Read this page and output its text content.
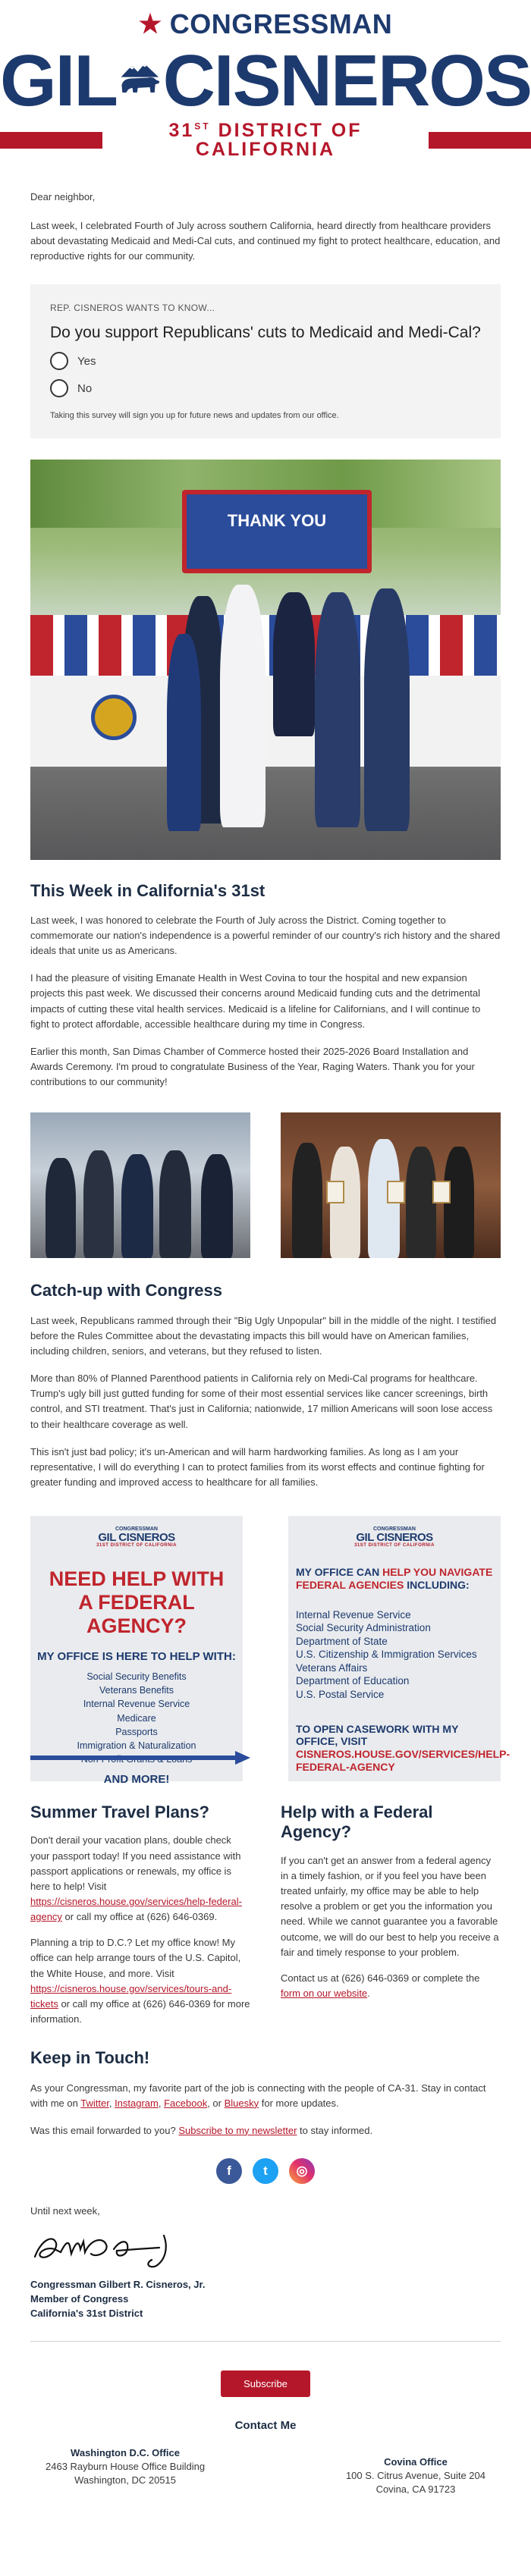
★ CONGRESSMAN
GIL CISNEROS
31ST DISTRICT OF CALIFORNIA

Dear neighbor,

Last week, I celebrated Fourth of July across southern California, heard directly from healthcare providers about devastating Medicaid and Medi-Cal cuts, and continued my fight to protect healthcare, education, and reproductive rights for our community.

REP. CISNEROS WANTS TO KNOW...
Do you support Republicans' cuts to Medicaid and Medi-Cal?
Yes
No
Taking this survey will sign you up for future news and updates from our office.
THANK YOU
This Week in California's 31st

Last week, I was honored to celebrate the Fourth of July across the District. Coming together to commemorate our nation's independence is a powerful reminder of our country's rich history and the shared ideals that unite us as Americans.

I had the pleasure of visiting Emanate Health in West Covina to tour the hospital and new expansion projects this past week. We discussed their concerns around Medicaid funding cuts and the detrimental impacts of cutting these vital health services. Medicaid is a lifeline for Californians, and I will continue to fight to protect affordable, accessible healthcare during my time in Congress.

Earlier this month, San Dimas Chamber of Commerce hosted their 2025-2026 Board Installation and Awards Ceremony. I'm proud to congratulate Business of the Year, Raging Waters. Thank you for your contributions to our community!

Catch-up with Congress

Last week, Republicans rammed through their "Big Ugly Unpopular" bill in the middle of the night. I testified before the Rules Committee about the devastating impacts this bill would have on American families, including children, seniors, and veterans, but they refused to listen.

More than 80% of Planned Parenthood patients in California rely on Medi-Cal programs for healthcare. Trump's ugly bill just gutted funding for some of their most essential services like cancer screenings, birth control, and STI treatment. That's just in California; nationwide, 17 million Americans will soon lose access to their healthcare coverage as well.

This isn't just bad policy; it's un-American and will harm hardworking families. As long as I am your representative, I will do everything I can to protect families from its worst effects and continue fighting for greater funding and improved access to healthcare for all families.

CONGRESSMAN
GIL CISNEROS
31ST DISTRICT OF CALIFORNIA
NEED HELP WITH
A FEDERAL AGENCY?
MY OFFICE IS HERE TO HELP WITH:
Social Security Benefits
Veterans Benefits
Internal Revenue Service
Medicare
Passports
Immigration & Naturalization
AND MORE!
CONGRESSMAN
GIL CISNEROS
31ST DISTRICT OF CALIFORNIA
MY OFFICE CAN HELP YOU NAVIGATE
FEDERAL AGENCIES INCLUDING:
Internal Revenue Service
Social Security Administration
Department of State
U.S. Citizenship & Immigration Services
Veterans Affairs
Department of Education
U.S. Postal Service
TO OPEN CASEWORK WITH MY OFFICE, VISIT
CISNEROS.HOUSE.GOV/SERVICES/HELP-FEDERAL-AGENCY
Summer Travel Plans?

Don't derail your vacation plans, double check your passport today! If you need assistance with passport applications or renewals, my office is here to help! Visit https://cisneros.house.gov/services/help-federal-agency or call my office at (626) 646-0369.

Planning a trip to D.C.? Let my office know! My office can help arrange tours of the U.S. Capitol, the White House, and more. Visit https://cisneros.house.gov/services/tours-and-tickets or call my office at (626) 646-0369 for more information.

Help with a Federal Agency?

If you can't get an answer from a federal agency in a timely fashion, or if you feel you have been treated unfairly, my office may be able to help resolve a problem or get you the information you need. While we cannot guarantee you a favorable outcome, we will do our best to help you receive a fair and timely response to your problem.

Contact us at (626) 646-0369 or complete the form on our website.

Keep in Touch!

As your Congressman, my favorite part of the job is connecting with the people of CA-31. Stay in contact with me on Twitter, Instagram, Facebook, or Bluesky for more updates.

Was this email forwarded to you? Subscribe to my newsletter to stay informed.

f	t	◎

Until next week,

Congressman Gilbert R. Cisneros, Jr.
Member of Congress
California's 31st District
Subscribe
Contact Me
Washington D.C. Office
2463 Rayburn House Office Building
Washington, DC 20515
Covina Office
100 S. Citrus Avenue, Suite 204
Covina, CA 91723
